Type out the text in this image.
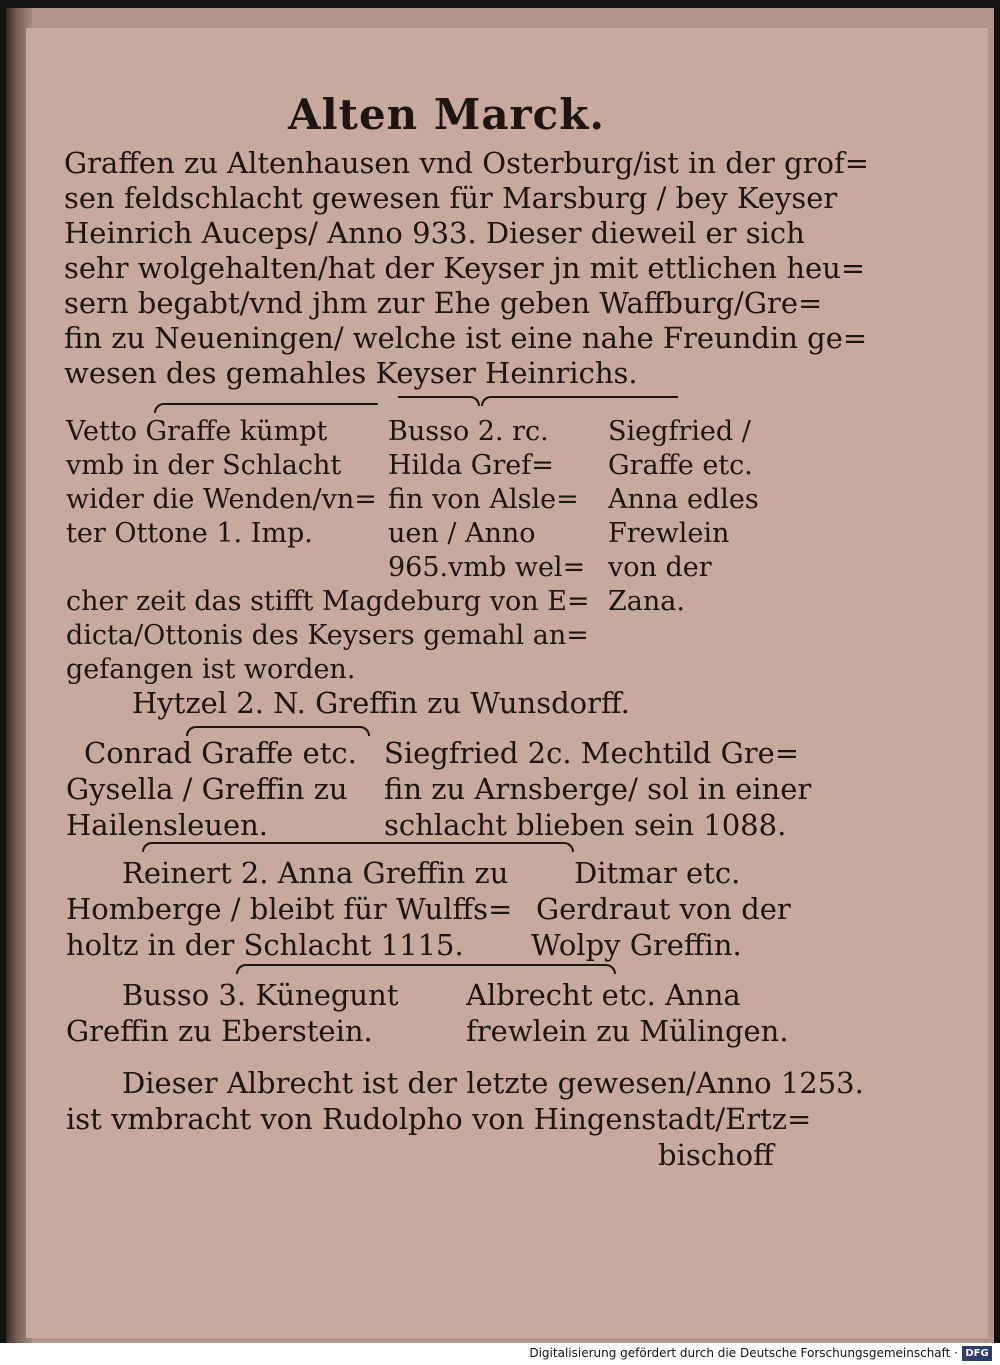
Alten Marck.
Graffen zu Altenhausen vnd Osterburg/ist in der grof=
sen feldschlacht gewesen für Marsburg / bey Keyser
Heinrich Auceps/ Anno 933. Dieser dieweil er sich
sehr wolgehalten/hat der Keyser jn mit ettlichen heu=
sern begabt/vnd jhm zur Ehe geben Waffburg/Gre=
fin zu Neueningen/ welche ist eine nahe Freundin ge=
wesen des gemahles Keyser Heinrichs.
Vetto Graffe kümpt
vmb in der Schlacht
wider die Wenden/vn=
ter Ottone 1. Imp.
Busso 2. rc.
Hilda Gref=
fin von Alsle=
uen / Anno
965.vmb wel=
Siegfried /
Graffe etc.
Anna edles
Frewlein
von der
Zana.
cher zeit das stifft Magdeburg von E=
dicta/Ottonis des Keysers gemahl an=
gefangen ist worden.
Hytzel 2. N. Greffin zu Wunsdorff.
Conrad Graffe etc.
Gysella / Greffin zu
Hailensleuen.
Siegfried 2c. Mechtild Gre=
fin zu Arnsberge/ sol in einer
schlacht blieben sein 1088.
Reinert 2. Anna Greffin zu
Homberge / bleibt für Wulffs=
holtz in der Schlacht 1115.
Ditmar etc.
Gerdraut von der
Wolpy Greffin.
Busso 3. Künegunt
Greffin zu Eberstein.
Albrecht etc. Anna
frewlein zu Mülingen.
Dieser Albrecht ist der letzte gewesen/Anno 1253.
ist vmbracht von Rudolpho von Hingenstadt/Ertz=
bischoff
Digitalisierung gefördert durch die Deutsche Forschungsgemeinschaft · DFG
